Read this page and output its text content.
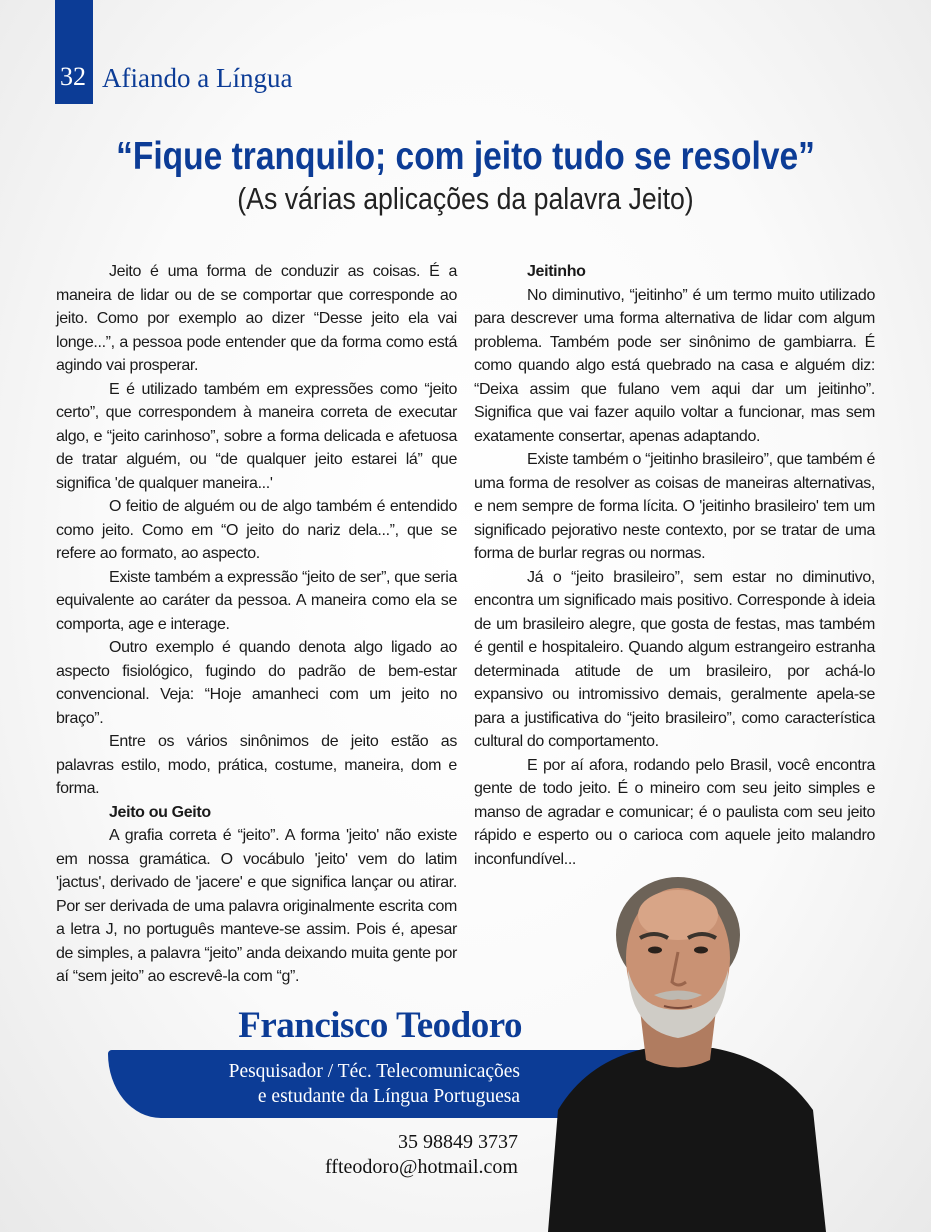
32 Afiando a Língua
“Fique tranquilo; com jeito tudo se resolve”
(As várias aplicações da palavra Jeito)

Jeito é uma forma de conduzir as coisas. É a maneira de lidar ou de se comportar que corresponde ao jeito. Como por exemplo ao dizer “Desse jeito ela vai longe...”, a pessoa pode entender que da forma como está agindo vai prosperar.

E é utilizado também em expressões como “jeito certo”, que correspondem à maneira correta de executar algo, e “jeito carinhoso”, sobre a forma delicada e afetuosa de tratar alguém, ou “de qualquer jeito estarei lá” que significa 'de qualquer maneira...'

O feitio de alguém ou de algo também é entendido como jeito. Como em “O jeito do nariz dela...”, que se refere ao formato, ao aspecto.

Existe também a expressão “jeito de ser”, que seria equivalente ao caráter da pessoa. A maneira como ela se comporta, age e interage.

Outro exemplo é quando denota algo ligado ao aspecto fisiológico, fugindo do padrão de bem-estar convencional. Veja: “Hoje amanheci com um jeito no braço”.

Entre os vários sinônimos de jeito estão as palavras estilo, modo, prática, costume, maneira, dom e forma.

Jeito ou Geito

A grafia correta é “jeito”. A forma 'jeito' não existe em nossa gramática. O vocábulo 'jeito' vem do latim 'jactus', derivado de 'jacere' e que significa lançar ou atirar. Por ser derivada de uma palavra originalmente escrita com a letra J, no português manteve-se assim. Pois é, apesar de simples, a palavra “jeito” anda deixando muita gente por aí “sem jeito” ao escrevê-la com “g”.

Jeitinho

No diminutivo, “jeitinho” é um termo muito utilizado para descrever uma forma alternativa de lidar com algum problema. Também pode ser sinônimo de gambiarra. É como quando algo está quebrado na casa e alguém diz: “Deixa assim que fulano vem aqui dar um jeitinho”. Significa que vai fazer aquilo voltar a funcionar, mas sem exatamente consertar, apenas adaptando.

Existe também o “jeitinho brasileiro”, que também é uma forma de resolver as coisas de maneiras alternativas, e nem sempre de forma lícita. O 'jeitinho brasileiro' tem um significado pejorativo neste contexto, por se tratar de uma forma de burlar regras ou normas.

Já o “jeito brasileiro”, sem estar no diminutivo, encontra um significado mais positivo. Corresponde à ideia de um brasileiro alegre, que gosta de festas, mas também é gentil e hospitaleiro. Quando algum estrangeiro estranha determinada atitude de um brasileiro, por achá-lo expansivo ou intromissivo demais, geralmente apela-se para a justificativa do “jeito brasileiro”, como característica cultural do comportamento.

E por aí afora, rodando pelo Brasil, você encontra gente de todo jeito. É o mineiro com seu jeito simples e manso de agradar e comunicar; é o paulista com seu jeito rápido e esperto ou o carioca com aquele jeito malandro inconfundível...

Francisco Teodoro
Pesquisador / Téc. Telecomunicações
e estudante da Língua Portuguesa
35 98849 3737
ffteodoro@hotmail.com
